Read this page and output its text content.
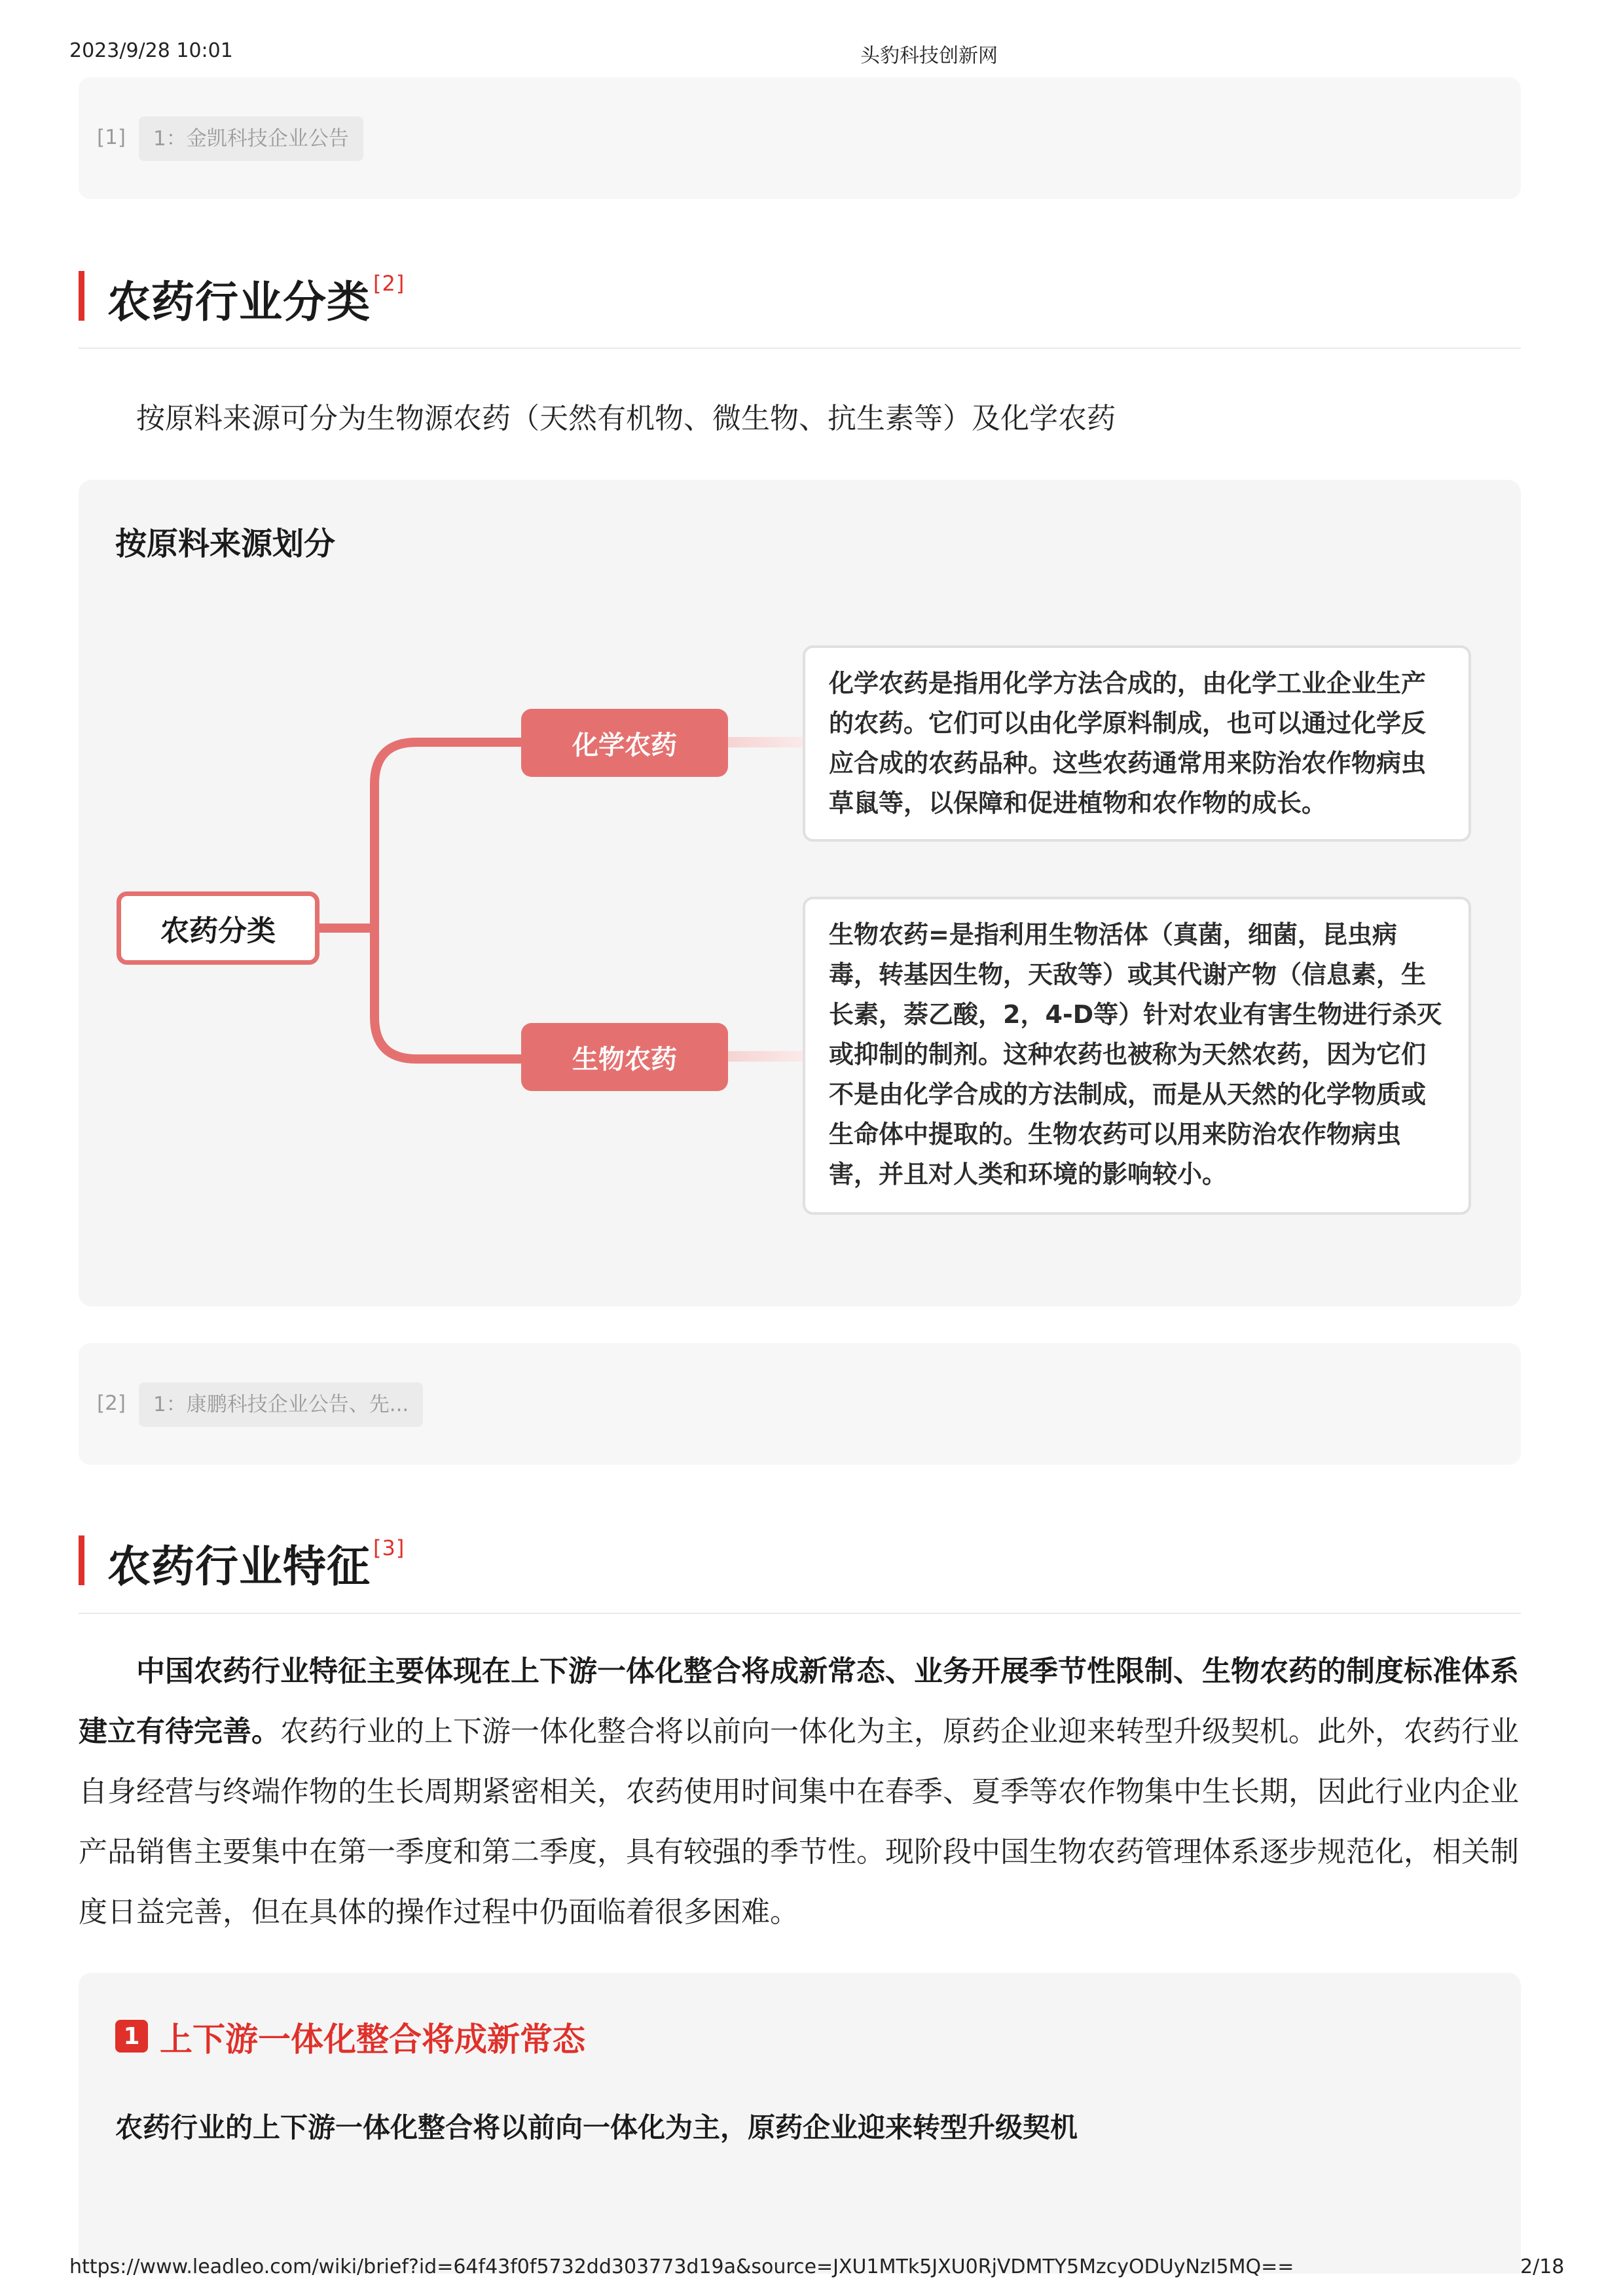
2023/9/28 10:01	头豹科技创新网
[1]	1：金凯科技企业公告
农药行业分类 [2]
按原料来源可分为生物源农药（天然有机物、微生物、抗生素等）及化学农药
按原料来源划分
农药分类
化学农药
化学农药是指用化学方法合成的，由化学工业企业生产的农药。它们可以由化学原料制成，也可以通过化学反应合成的农药品种。这些农药通常用来防治农作物病虫草鼠等，以保障和促进植物和农作物的成长。
生物农药
生物农药=是指利用生物活体（真菌，细菌，昆虫病毒，转基因生物，天敌等）或其代谢产物（信息素，生长素，萘乙酸，2，4-D等）针对农业有害生物进行杀灭或抑制的制剂。这种农药也被称为天然农药，因为它们不是由化学合成的方法制成，而是从天然的化学物质或生命体中提取的。生物农药可以用来防治农作物病虫害，并且对人类和环境的影响较小。
[2]	1：康鹏科技企业公告、先...
农药行业特征 [3]
中国农药行业特征主要体现在上下游一体化整合将成新常态、业务开展季节性限制、生物农药的制度标准体系建立有待完善。农药行业的上下游一体化整合将以前向一体化为主，原药企业迎来转型升级契机。此外，农药行业自身经营与终端作物的生长周期紧密相关，农药使用时间集中在春季、夏季等农作物集中生长期，因此行业内企业产品销售主要集中在第一季度和第二季度，具有较强的季节性。现阶段中国生物农药管理体系逐步规范化，相关制度日益完善，但在具体的操作过程中仍面临着很多困难。
1 上下游一体化整合将成新常态
农药行业的上下游一体化整合将以前向一体化为主，原药企业迎来转型升级契机
https://www.leadleo.com/wiki/brief?id=64f43f0f5732dd303773d19a&source=JXU1MTk5JXU0RjVDMTY5MzcyODUyNzI5MQ==	2/18
